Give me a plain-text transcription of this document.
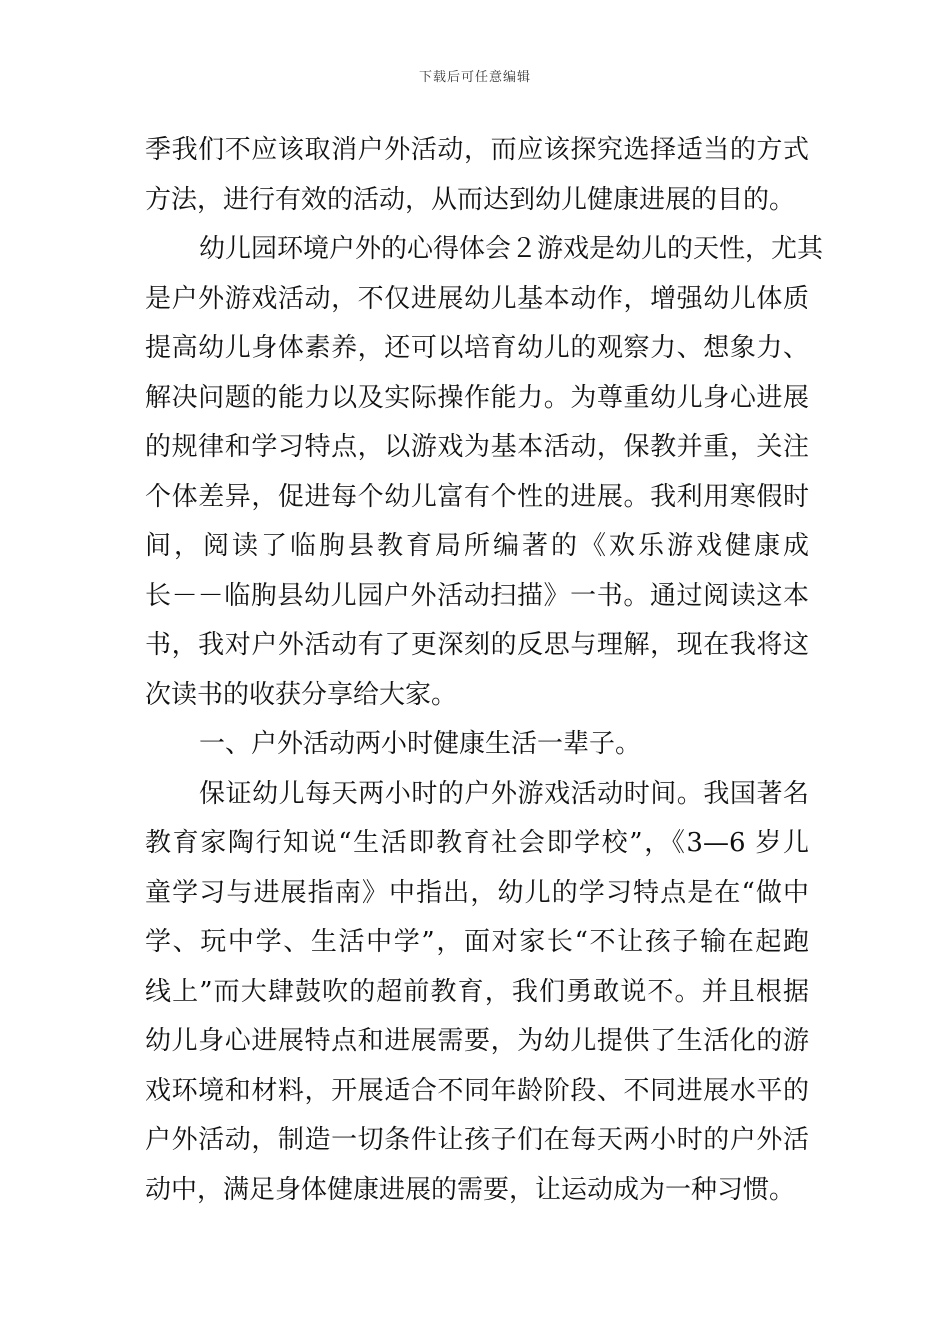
下载后可任意编辑
季我们不应该取消户外活动，而应该探究选择适当的方式
方法，进行有效的活动，从而达到幼儿健康进展的目的。
幼儿园环境户外的心得体会２游戏是幼儿的天性，尤其
是户外游戏活动，不仅进展幼儿基本动作，增强幼儿体质
提高幼儿身体素养，还可以培育幼儿的观察力、想象力、
解决问题的能力以及实际操作能力。为尊重幼儿身心进展
的规律和学习特点，以游戏为基本活动，保教并重，关注
个体差异，促进每个幼儿富有个性的进展。我利用寒假时
间，阅读了临朐县教育局所编著的《欢乐游戏健康成
长－－临朐县幼儿园户外活动扫描》一书。通过阅读这本
书，我对户外活动有了更深刻的反思与理解，现在我将这
次读书的收获分享给大家。
一、户外活动两小时健康生活一辈子。
保证幼儿每天两小时的户外游戏活动时间。我国著名
教育家陶行知说“生活即教育社会即学校”，《3—6 岁儿
童学习与进展指南》中指出，幼儿的学习特点是在“做中
学、玩中学、生活中学”，面对家长“不让孩子输在起跑
线上”而大肆鼓吹的超前教育，我们勇敢说不。并且根据
幼儿身心进展特点和进展需要，为幼儿提供了生活化的游
戏环境和材料，开展适合不同年龄阶段、不同进展水平的
户外活动，制造一切条件让孩子们在每天两小时的户外活
动中，满足身体健康进展的需要，让运动成为一种习惯。
